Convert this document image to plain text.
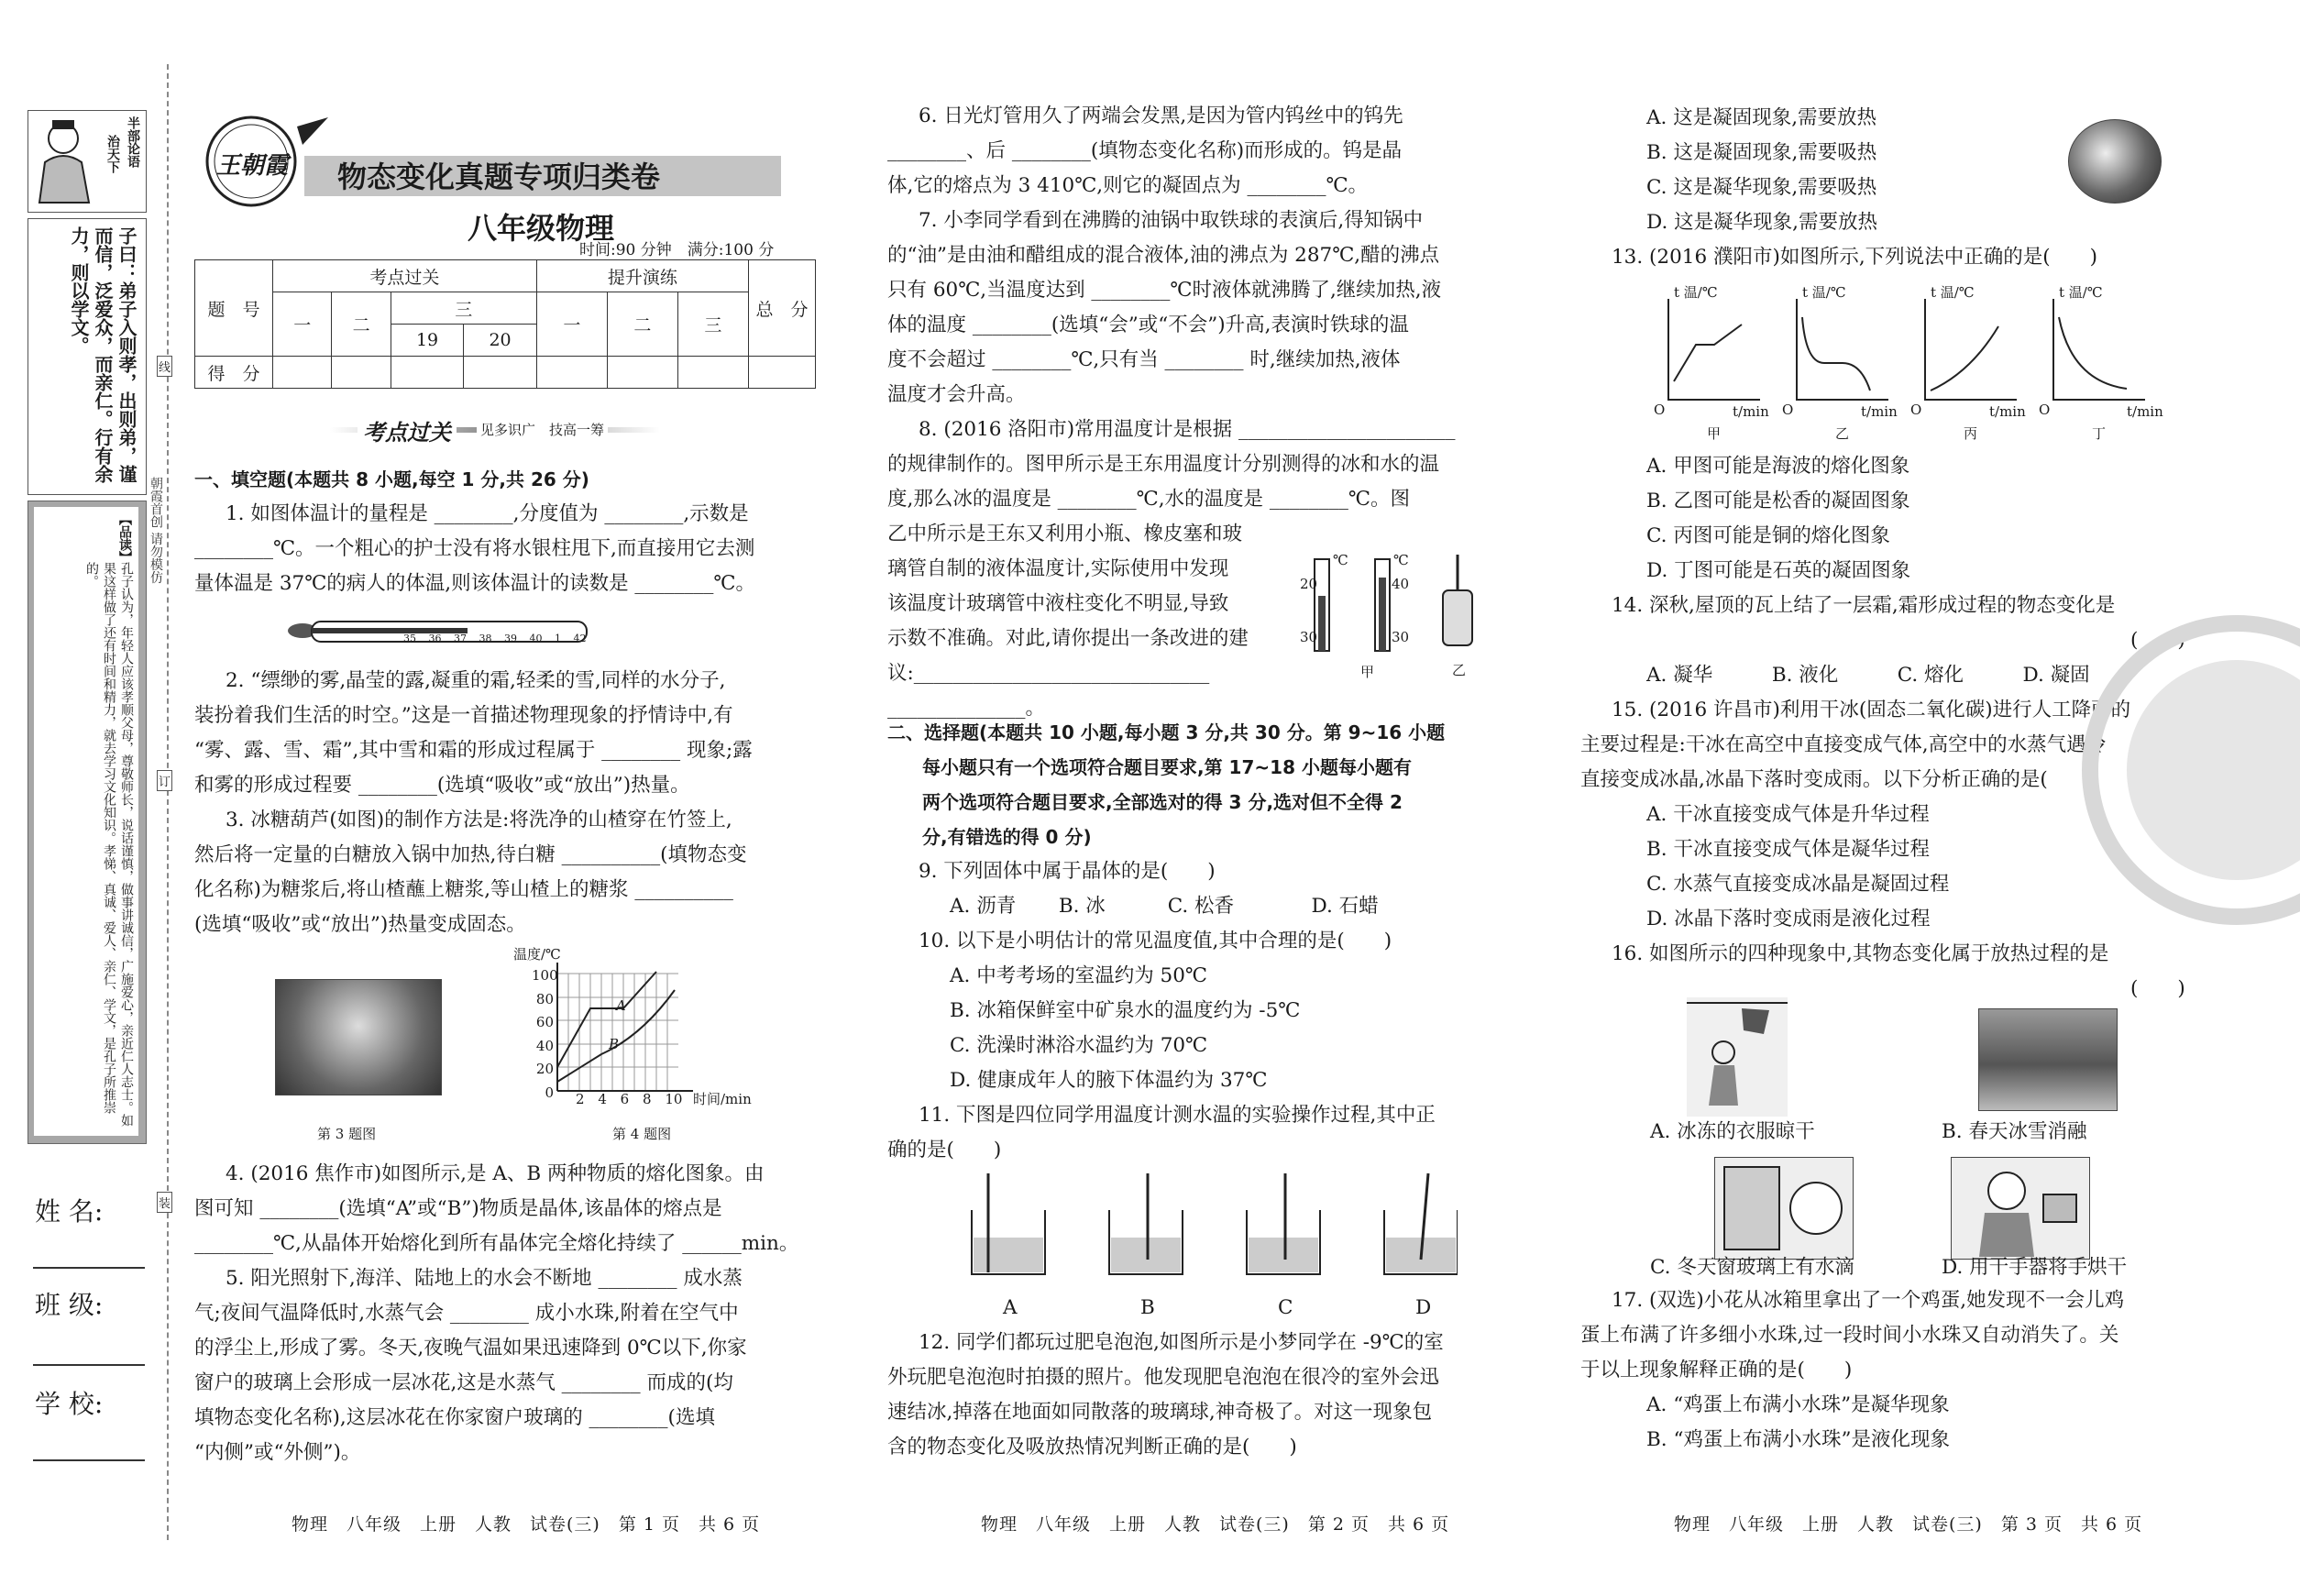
半部论语
治天下
子曰：弟子入则孝，出则弟，谨而信，泛爱众，而亲仁。行有余力，则以学文。
【品读】
孔子认为，年轻人应该孝顺父母，尊敬师长，说话谨慎，做事讲诚信，广施爱心，亲近仁人志士。如果这样做了还有时间和精力，就去学习文化知识。孝悌、真诚、爱人、亲仁、学文，是孔子所推崇的。
姓 名:
班 级:
学 校:
朝霞首创 请勿模仿
线
订
装
王朝霞 物态变化真题专项归类卷
八年级物理
时间:90 分钟　满分:100 分
题　号	考点过关				提升演练			总　分
	一	二	三		一	二	三	
			19	20				
得　分								
考点过关	见多识广　技高一筹
一、填空题(本题共 8 小题,每空 1 分,共 26 分)
1. 如图体温计的量程是 ________,分度值为 ________,示数是
________℃。一个粗心的护士没有将水银柱甩下,而直接用它去测
量体温是 37℃的病人的体温,则该体温计的读数是 ________℃。
35 36 37 38 39 40 1 42
2. “缥缈的雾,晶莹的露,凝重的霜,轻柔的雪,同样的水分子,
装扮着我们生活的时空。”这是一首描述物理现象的抒情诗中,有
“雾、露、雪、霜”,其中雪和霜的形成过程属于 ________ 现象;露
和雾的形成过程要 ________(选填“吸收”或“放出”)热量。
3. 冰糖葫芦(如图)的制作方法是:将洗净的山楂穿在竹签上,
然后将一定量的白糖放入锅中加热,待白糖 __________(填物态变
化名称)为糖浆后,将山楂蘸上糖浆,等山楂上的糖浆 __________
(选填“吸收”或“放出”)热量变成固态。
第 3 题图
温度/℃
100
80
60
40
20
0 2 4 6 8 10 时间/min
A
B
第 4 题图
4. (2016 焦作市)如图所示,是 A、B 两种物质的熔化图象。由
图可知 ________(选填“A”或“B”)物质是晶体,该晶体的熔点是
________℃,从晶体开始熔化到所有晶体完全熔化持续了 ______min。
5. 阳光照射下,海洋、陆地上的水会不断地 ________ 成水蒸
气;夜间气温降低时,水蒸气会 ________ 成小水珠,附着在空气中
的浮尘上,形成了雾。冬天,夜晚气温如果迅速降到 0℃以下,你家
窗户的玻璃上会形成一层冰花,这是水蒸气 ________ 而成的(均
填物态变化名称),这层冰花在你家窗户玻璃的 ________(选填
“内侧”或“外侧”)。
物理　八年级　上册　人教　试卷(三)　第 1 页　共 6 页
6. 日光灯管用久了两端会发黑,是因为管内钨丝中的钨先
________、后 ________(填物态变化名称)而形成的。钨是晶
体,它的熔点为 3 410℃,则它的凝固点为 ________℃。
7. 小李同学看到在沸腾的油锅中取铁球的表演后,得知锅中
的“油”是由油和醋组成的混合液体,油的沸点为 287℃,醋的沸点
只有 60℃,当温度达到 ________℃时液体就沸腾了,继续加热,液
体的温度 ________(选填“会”或“不会”)升高,表演时铁球的温
度不会超过 ________℃,只有当 ________ 时,继续加热,液体
温度才会升高。
8. (2016 洛阳市)常用温度计是根据 ______________________
的规律制作的。图甲所示是王东用温度计分别测得的冰和水的温
度,那么冰的温度是 ________℃,水的温度是 ________℃。图
乙中所示是王东又利用小瓶、橡皮塞和玻
璃管自制的液体温度计,实际使用中发现
该温度计玻璃管中液柱变化不明显,导致
示数不准确。对此,请你提出一条改进的建
议:______________________________
______________。
℃	℃
20
30
40
30
甲	乙
二、选择题(本题共 10 小题,每小题 3 分,共 30 分。第 9~16 小题
每小题只有一个选项符合题目要求,第 17~18 小题每小题有
两个选项符合题目要求,全部选对的得 3 分,选对但不全得 2
分,有错选的得 0 分)
9. 下列固体中属于晶体的是(　　)
A. 沥青 B. 冰	C. 松香	D. 石蜡
10. 以下是小明估计的常见温度值,其中合理的是(　　)
A. 中考考场的室温约为 50℃
B. 冰箱保鲜室中矿泉水的温度约为 -5℃
C. 洗澡时淋浴水温约为 70℃
D. 健康成年人的腋下体温约为 37℃
11. 下图是四位同学用温度计测水温的实验操作过程,其中正
确的是(　　)
A	B	C	D
12. 同学们都玩过肥皂泡泡,如图所示是小梦同学在 -9℃的室
外玩肥皂泡泡时拍摄的照片。他发现肥皂泡泡在很冷的室外会迅
速结冰,掉落在地面如同散落的玻璃球,神奇极了。对这一现象包
含的物态变化及吸放热情况判断正确的是(　　)
物理　八年级　上册　人教　试卷(三)　第 2 页　共 6 页
A. 这是凝固现象,需要放热
B. 这是凝固现象,需要吸热
C. 这是凝华现象,需要吸热
D. 这是凝华现象,需要放热
13. (2016 濮阳市)如图所示,下列说法中正确的是(　　)
t 温/℃	t 温/℃	t 温/℃	t 温/℃
O	O	O	O
t/min	t/min	t/min	t/min
甲	乙	丙	丁
A. 甲图可能是海波的熔化图象
B. 乙图可能是松香的凝固图象
C. 丙图可能是铜的熔化图象
D. 丁图可能是石英的凝固图象
14. 深秋,屋顶的瓦上结了一层霜,霜形成过程的物态变化是
(　　)
A. 凝华	B. 液化	C. 熔化	D. 凝固
15. (2016 许昌市)利用干冰(固态二氧化碳)进行人工降雨的
主要过程是:干冰在高空中直接变成气体,高空中的水蒸气遇冷
直接变成冰晶,冰晶下落时变成雨。以下分析正确的是(　　)
A. 干冰直接变成气体是升华过程
B. 干冰直接变成气体是凝华过程
C. 水蒸气直接变成冰晶是凝固过程
D. 冰晶下落时变成雨是液化过程
16. 如图所示的四种现象中,其物态变化属于放热过程的是
(　　)
A. 冰冻的衣服晾干	B. 春天冰雪消融
C. 冬天窗玻璃上有水滴	D. 用干手器将手烘干
17. (双选)小花从冰箱里拿出了一个鸡蛋,她发现不一会儿鸡
蛋上布满了许多细小水珠,过一段时间小水珠又自动消失了。关
于以上现象解释正确的是(　　)
A. “鸡蛋上布满小水珠”是凝华现象
B. “鸡蛋上布满小水珠”是液化现象
物理　八年级　上册　人教　试卷(三)　第 3 页　共 6 页
